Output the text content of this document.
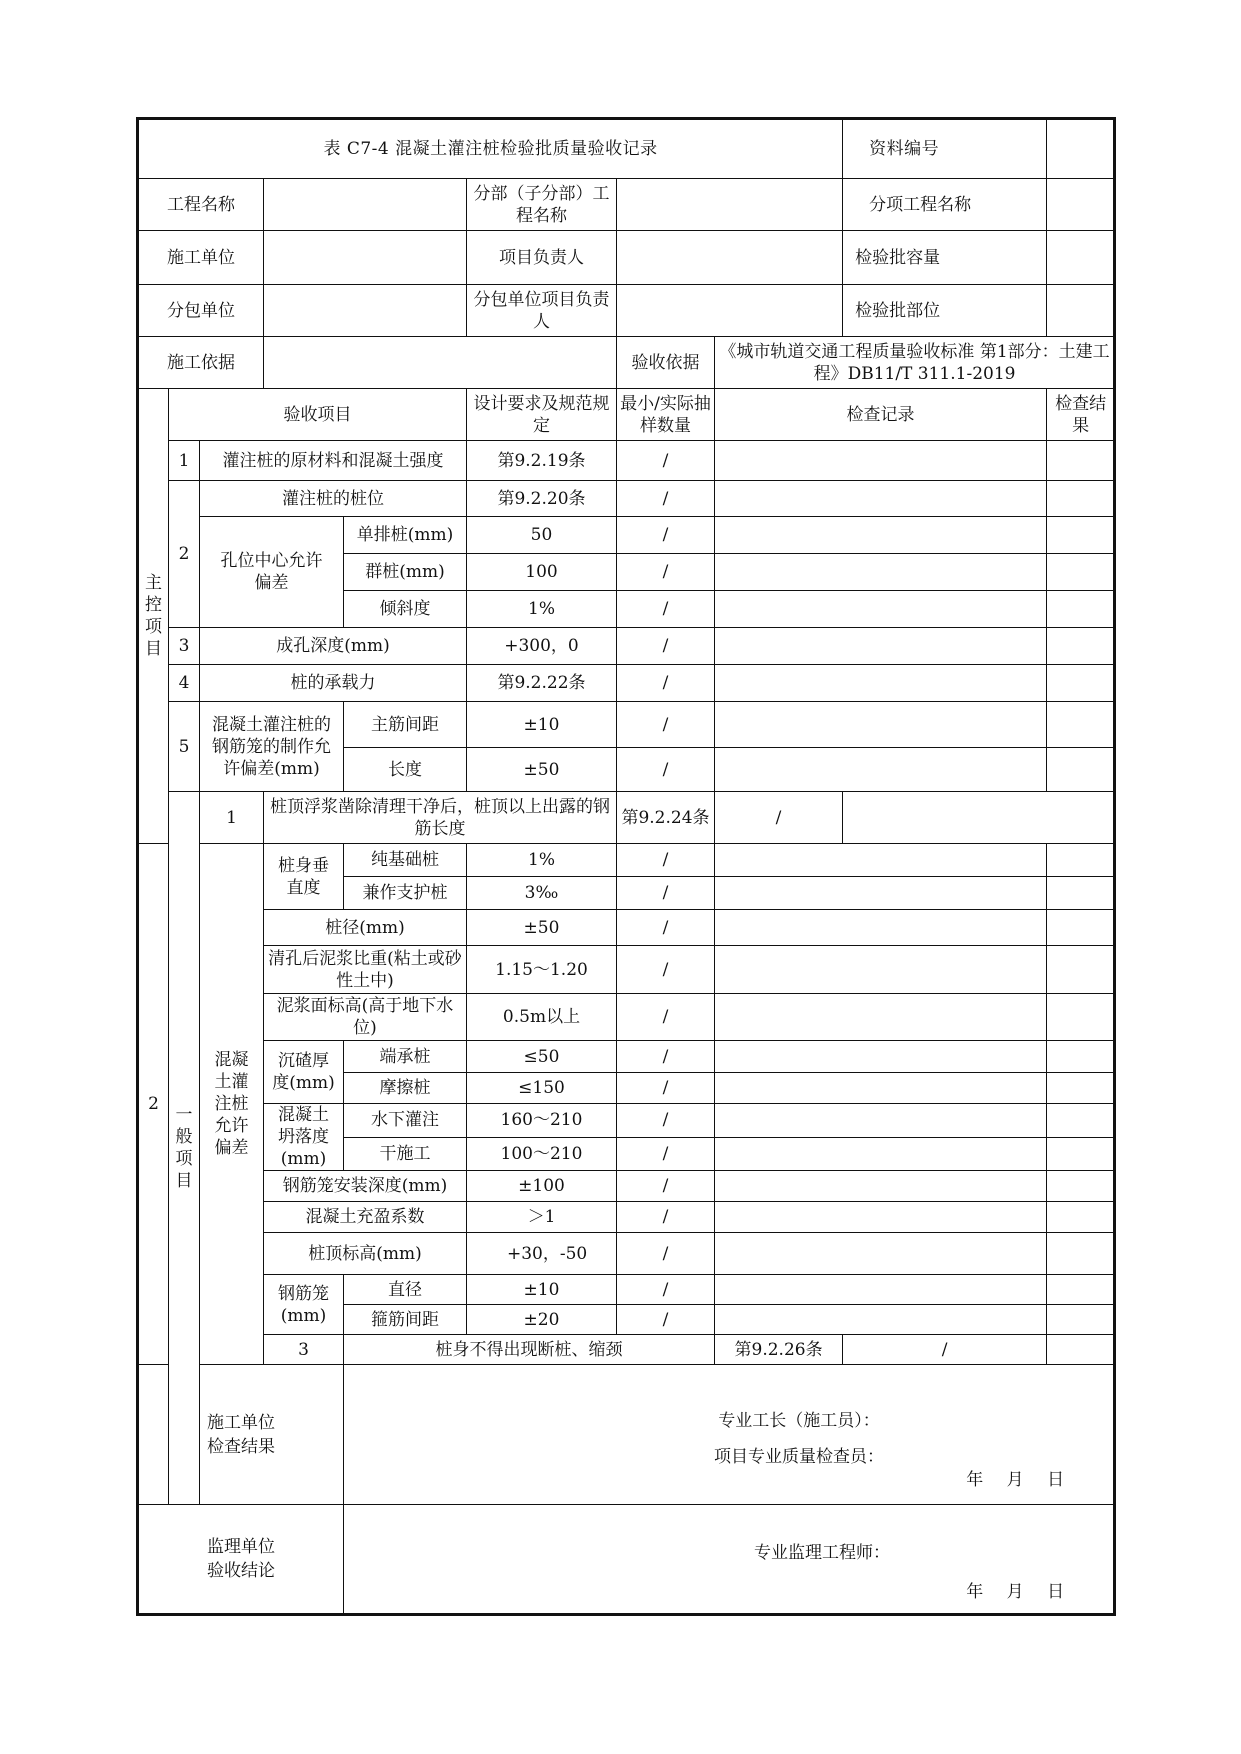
表 C7-4 混凝土灌注桩检验批质量验收记录								资料编号		
工程名称					分部（子分部）工程名称			分项工程名称		
施工单位					项目负责人			检验批容量		
分包单位					分包单位项目负责人			检验批部位		
施工依据						验收依据	《城市轨道交通工程质量验收标准 第1部分：土建工程》DB11/T 311.1-2019			
主控项目	验收项目				设计要求及规范规定	最小/实际抽样数量	检查记录		检查结果	
	1	灌注桩的原材料和混凝土强度			第9.2.19条	/				
	2	灌注桩的桩位			第9.2.20条	/				
		孔位中心允许偏差		单排桩(mm)	50	/				
				群桩(mm)	100	/				
				倾斜度	1%	/				
	3	成孔深度(mm)			+300，0	/				
	4	桩的承载力			第9.2.22条	/				
	5	混凝土灌注桩的钢筋笼的制作允许偏差(mm)		主筋间距	±10	/				
				长度	±50	/				
	一般项目	1	桩顶浮浆凿除清理干净后，桩顶以上出露的钢筋长度			第9.2.24条	/			
2		混凝土灌注桩允许偏差	桩身垂直度	纯基础桩	1%	/				
				兼作支护桩	3‰	/				
			桩径(mm)		±50	/				
			清孔后泥浆比重(粘土或砂性土中)		1.15～1.20	/				
			泥浆面标高(高于地下水位)		0.5m以上	/				
			沉碴厚度(mm)	端承桩	≤50	/				
				摩擦桩	≤150	/				
			混凝土坍落度(mm)	水下灌注	160～210	/				
				干施工	100～210	/				
			钢筋笼安装深度(mm)		±100	/				
			混凝土充盈系数		＞1	/				
			桩顶标高(mm)		+30，-50	/				
			钢筋笼(mm)	直径	±10	/				
				箍筋间距	±20	/				
			3	桩身不得出现断桩、缩颈			第9.2.26条	/		
施工单位检查结果				专业工长（施工员）：
项目专业质量检查员：
年 月 日						

监理单位验收结论				专业监理工程师：
年 月 日						
